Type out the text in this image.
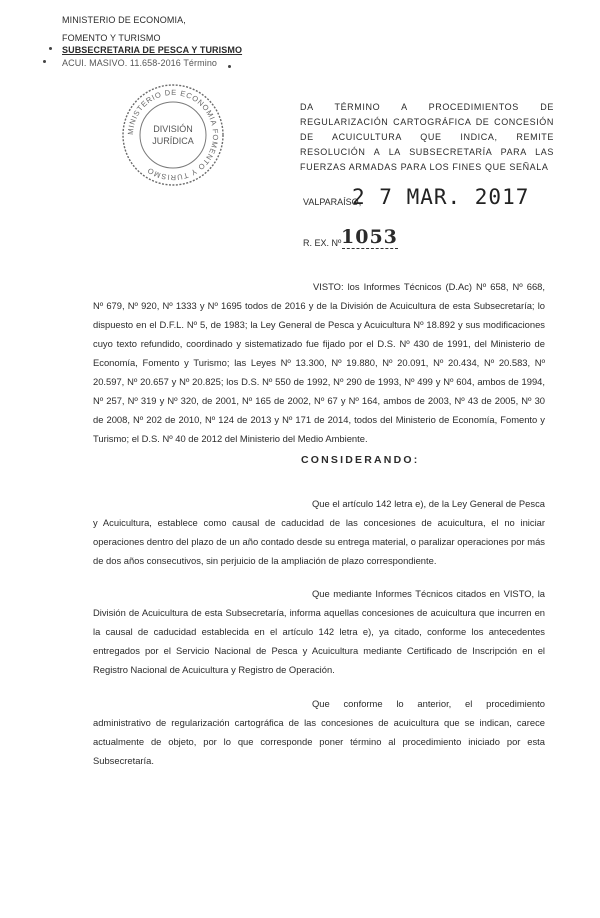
MINISTERIO DE ECONOMIA,
FOMENTO Y TURISMO
SUBSECRETARIA DE PESCA Y TURISMO
ACUI. MASIVO. 11.658-2016 Término
MINISTERIO DE ECONOMIA FOMENTO Y TURISMO
DIVISIÓN
JURÍDICA
DA TÉRMINO A PROCEDIMIENTOS DE REGULARIZACIÓN CARTOGRÁFICA DE CONCESIÓN DE ACUICULTURA QUE INDICA, REMITE RESOLUCIÓN A LA SUBSECRETARÍA PARA LAS FUERZAS ARMADAS PARA LOS FINES QUE SEÑALA
VALPARAÍSO,
2 7 MAR. 2017
R. EX. Nº 1053
VISTO: los Informes Técnicos (D.Ac) Nº 658, Nº 668, Nº 679, Nº 920, Nº 1333 y Nº 1695 todos de 2016 y de la División de Acuicultura de esta Subsecretaría; lo dispuesto en el D.F.L. Nº 5, de 1983; la Ley General de Pesca y Acuicultura Nº 18.892 y sus modificaciones cuyo texto refundido, coordinado y sistematizado fue fijado por el D.S. Nº 430 de 1991, del Ministerio de Economía, Fomento y Turismo; las Leyes Nº 13.300, Nº 19.880, Nº 20.091, Nº 20.434, Nº 20.583, Nº 20.597, Nº 20.657 y Nº 20.825; los D.S. Nº 550 de 1992, Nº 290 de 1993, Nº 499 y Nº 604, ambos de 1994, Nº 257, Nº 319 y Nº 320, de 2001, Nº 165 de 2002, Nº 67 y Nº 164, ambos de 2003, Nº 43 de 2005, Nº 30 de 2008, Nº 202 de 2010, Nº 124 de 2013 y Nº 171 de 2014, todos del Ministerio de Economía, Fomento y Turismo; el D.S. Nº 40 de 2012 del Ministerio del Medio Ambiente.
CONSIDERANDO:
Que el artículo 142 letra e), de la Ley General de Pesca y Acuicultura, establece como causal de caducidad de las concesiones de acuicultura, el no iniciar operaciones dentro del plazo de un año contado desde su entrega material, o paralizar operaciones por más de dos años consecutivos, sin perjuicio de la ampliación de plazo correspondiente.
Que mediante Informes Técnicos citados en VISTO, la División de Acuicultura de esta Subsecretaría, informa aquellas concesiones de acuicultura que incurren en la causal de caducidad establecida en el artículo 142 letra e), ya citado, conforme los antecedentes entregados por el Servicio Nacional de Pesca y Acuicultura mediante Certificado de Inscripción en el Registro Nacional de Acuicultura y Registro de Operación.
Que conforme lo anterior, el procedimiento administrativo de regularización cartográfica de las concesiones de acuicultura que se indican, carece actualmente de objeto, por lo que corresponde poner término al procedimiento iniciado por esta Subsecretaría.
